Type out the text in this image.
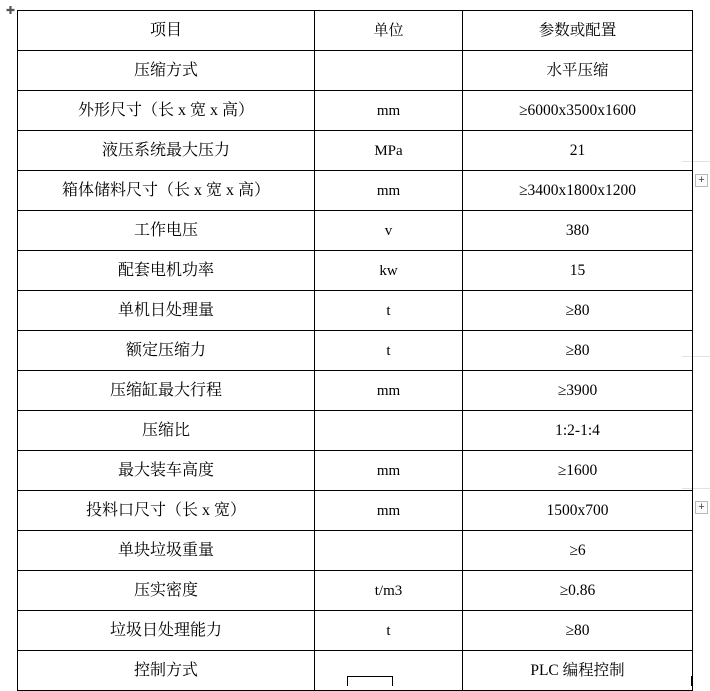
✚
+
+
项目	单位	参数或配置
压缩方式		水平压缩
外形尺寸（长 x 宽 x 高）	mm	≥6000x3500x1600
液压系统最大压力	MPa	21
箱体储料尺寸（长 x 宽 x 高）	mm	≥3400x1800x1200
工作电压	v	380
配套电机功率	kw	15
单机日处理量	t	≥80
额定压缩力	t	≥80
压缩缸最大行程	mm	≥3900
压缩比		1:2-1:4
最大装车高度	mm	≥1600
投料口尺寸（长 x 宽）	mm	1500x700
单块垃圾重量		≥6
压实密度	t/m3	≥0.86
垃圾日处理能力	t	≥80
控制方式		PLC 编程控制
